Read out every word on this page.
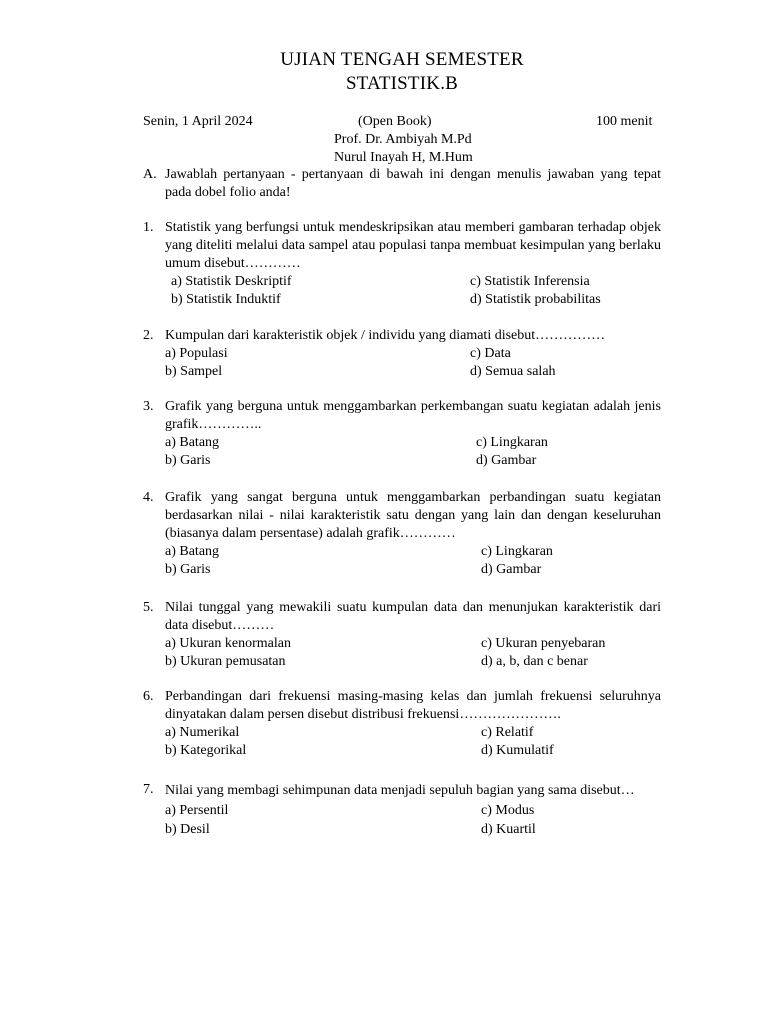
UJIAN TENGAH SEMESTER
STATISTIK.B
Senin, 1 April 2024	(Open Book)	100 menit
Prof. Dr. Ambiyah M.Pd
Nurul Inayah H, M.Hum
A. Jawablah pertanyaan - pertanyaan di bawah ini dengan menulis jawaban yang tepat pada dobel folio anda!
1. Statistik yang berfungsi untuk mendeskripsikan atau memberi gambaran terhadap objek yang diteliti melalui data sampel atau populasi tanpa membuat kesimpulan yang berlaku umum disebut…………
a) Statistik Deskriptif
b) Statistik Induktif
c) Statistik Inferensia
d) Statistik probabilitas
2. Kumpulan dari karakteristik objek / individu yang diamati disebut……………
a) Populasi
b) Sampel
c) Data
d) Semua salah
3. Grafik yang berguna untuk menggambarkan perkembangan suatu kegiatan adalah jenis grafik…………..
a) Batang
b) Garis
c) Lingkaran
d) Gambar
4. Grafik yang sangat berguna untuk menggambarkan perbandingan suatu kegiatan berdasarkan nilai - nilai karakteristik satu dengan yang lain dan dengan keseluruhan (biasanya dalam persentase) adalah grafik…………
a) Batang
b) Garis
c) Lingkaran
d) Gambar
5. Nilai tunggal yang mewakili suatu kumpulan data dan menunjukan karakteristik dari data disebut………
a) Ukuran kenormalan
b) Ukuran pemusatan
c) Ukuran penyebaran
d) a, b, dan c benar
6. Perbandingan dari frekuensi masing-masing kelas dan jumlah frekuensi seluruhnya dinyatakan dalam persen disebut distribusi frekuensi………………….
a) Numerikal
b) Kategorikal
c) Relatif
d) Kumulatif
7. Nilai yang membagi sehimpunan data menjadi sepuluh bagian yang sama disebut…
a) Persentil
b) Desil
c) Modus
d) Kuartil
